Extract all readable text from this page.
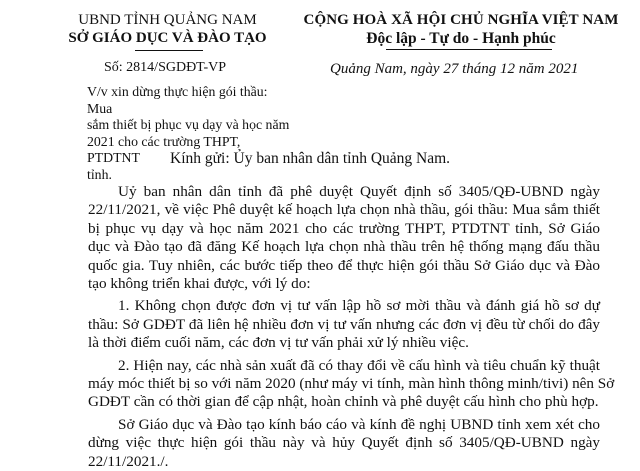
UBND TỈNH QUẢNG NAM
SỞ GIÁO DỤC VÀ ĐÀO TẠO
CỘNG HOÀ XÃ HỘI CHỦ NGHĨA VIỆT NAM
Độc lập - Tự do - Hạnh phúc
Số: 2814/SGDĐT-VP	Quảng Nam, ngày 27 tháng 12 năm 2021
V/v xin dừng thực hiện gói thầu: Mua
sắm thiết bị phục vụ dạy và học năm
2021 cho các trường THPT, PTDTNT
tỉnh.
Kính gửi: Ủy ban nhân dân tỉnh Quảng Nam.
Uỷ ban nhân dân tỉnh đã phê duyệt Quyết định số 3405/QĐ-UBND ngày
22/11/2021, về việc Phê duyệt kế hoạch lựa chọn nhà thầu, gói thầu: Mua sắm thiết
bị phục vụ dạy và học năm 2021 cho các trường THPT, PTDTNT tỉnh, Sở Giáo
dục và Đào tạo đã đăng Kế hoạch lựa chọn nhà thầu trên hệ thống mạng đấu thầu
quốc gia. Tuy nhiên, các bước tiếp theo để thực hiện gói thầu Sở Giáo dục và Đào
tạo không triển khai được, với lý do:
1. Không chọn được đơn vị tư vấn lập hồ sơ mời thầu và đánh giá hồ sơ dự
thầu: Sở GDĐT đã liên hệ nhiều đơn vị tư vấn nhưng các đơn vị đều từ chối do đây
là thời điểm cuối năm, các đơn vị tư vấn phải xử lý nhiều việc.
2. Hiện nay, các nhà sản xuất đã có thay đổi về cấu hình và tiêu chuẩn kỹ thuật
máy móc thiết bị so với năm 2020 (như máy vi tính, màn hình thông minh/tivi) nên Sở
GDĐT cần có thời gian để cập nhật, hoàn chỉnh và phê duyệt cấu hình cho phù hợp.
Sở Giáo dục và Đào tạo kính báo cáo và kính đề nghị UBND tỉnh xem xét cho
dừng việc thực hiện gói thầu này và hủy Quyết định số 3405/QĐ-UBND ngày
22/11/2021./.
